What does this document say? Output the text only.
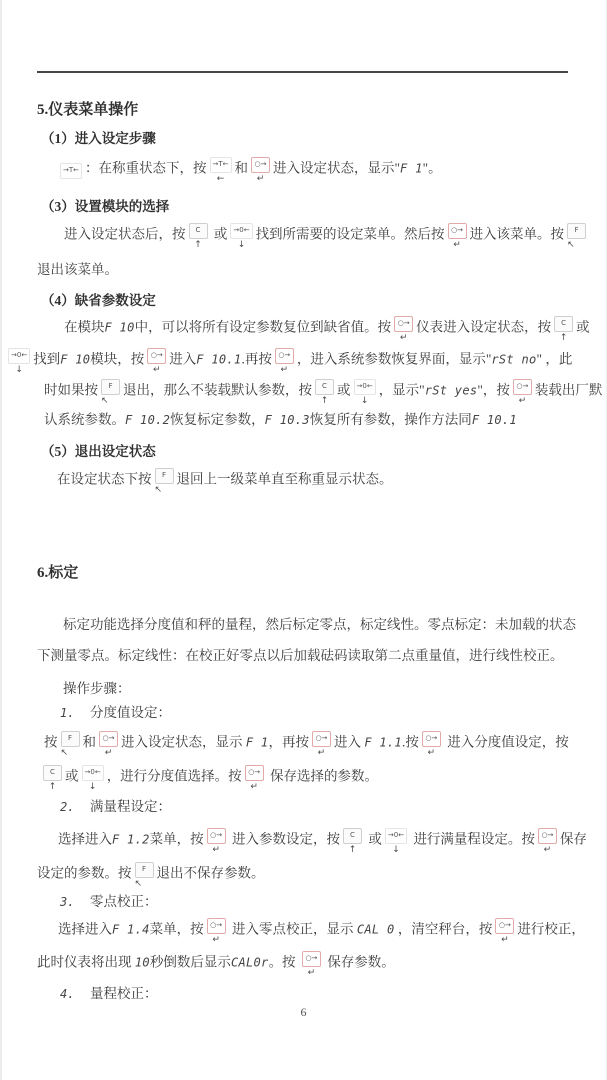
5.仪表菜单操作
（1）进入设定步骤
→T← ：在称重状态下，按 →T←
←
和 ○→
↵
进入设定状态，显示"F 1"。
（3）设置模块的选择
进入设定状态后，按	C
↑
或 →0←
↓
找到所需要的设定菜单。然后按 ○→
↵
进入该菜单。按	F
↖
退出该菜单。
（4）缺省参数设定
在模块F 10中，可以将所有设定参数复位到缺省值。按 ○→
↵
仪表进入设定状态，按	C
↑
或
→0←
↓
找到F 10模块，按 ○→
↵
进入F 10.1.再按 ○→
↵
，进入系统参数恢复界面，显示"rSt no" ，此
时如果按	F
↖
退出，那么不装载默认参数，按	C
↑
或 →0←
↓
，显示"rSt yes"，按 ○→
↵
装载出厂默
认系统参数。F 10.2恢复标定参数，F 10.3恢复所有参数，操作方法同F 10.1
（5）退出设定状态
在设定状态下按	F
↖
退回上一级菜单直至称重显示状态。
6.标定
标定功能选择分度值和秤的量程，然后标定零点，标定线性。零点标定：未加载的状态
下测量零点。标定线性：在校正好零点以后加载砝码读取第二点重量值，进行线性校正。
操作步骤：
1. 分度值设定：
按	F
↖
和 ○→
↵
进入设定状态，显示 F 1，再按 ○→
↵
进入 F 1.1.按 ○→
↵
进入分度值设定，按
C
↑
或 →0←
↓
，进行分度值选择。按 ○→
↵
保存选择的参数。
2. 满量程设定：
选择进入F 1.2菜单，按 ○→
↵
进入参数设定，按	C
↑
或 →0←
↓
进行满量程设定。按 ○→
↵
保存
设定的参数。按	F
↖
退出不保存参数。
3. 零点校正：
选择进入F 1.4菜单，按 ○→
↵
进入零点校正，显示 CAL 0 ，清空秤台，按 ○→
↵
进行校正，
此时仪表将出现 10秒倒数后显示CAL0r。按 ○→
↵
保存参数。
4. 量程校正：
6
